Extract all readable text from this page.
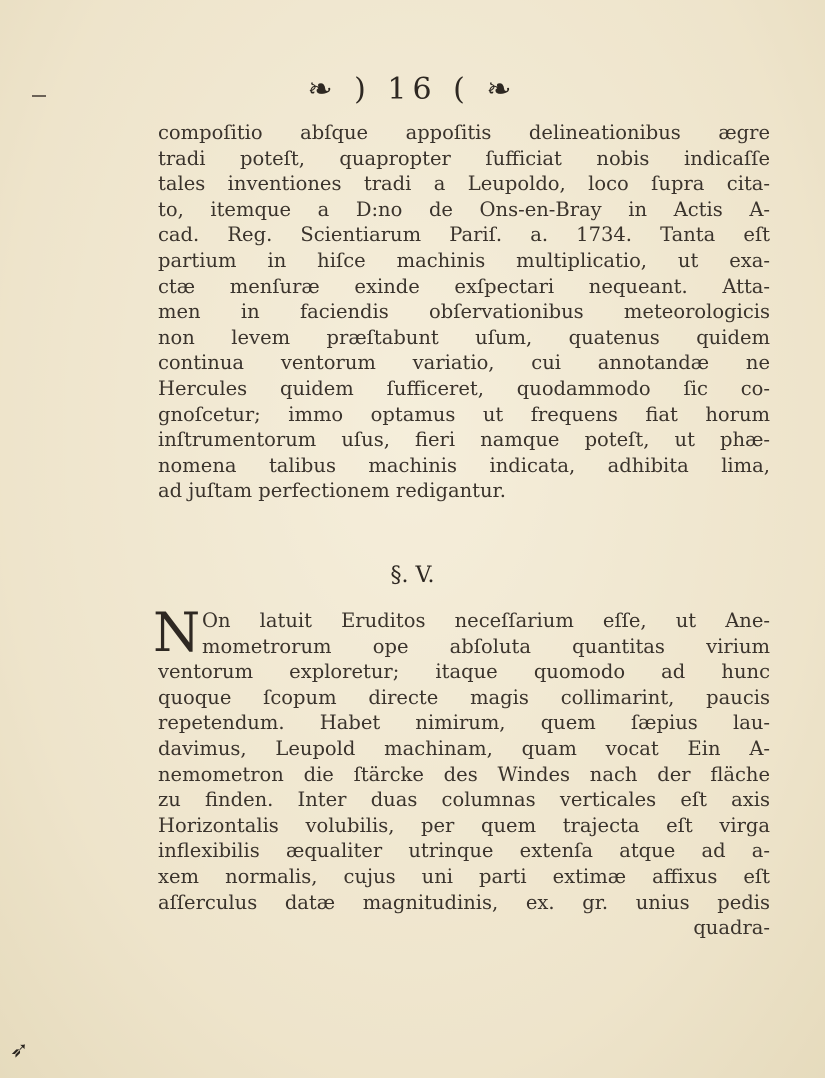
❧ ) 16 ( ❧
compoſitio abſque appoſitis delineationibus ægre
tradi poteſt, quapropter ſufficiat nobis indicaſſe
tales inventiones tradi a Leupoldo, loco ſupra cita-
to, itemque a D:no de Ons-en-Bray in Actis A-
cad. Reg. Scientiarum Pariſ. a. 1734. Tanta eſt
partium in hiſce machinis multiplicatio, ut exa-
ctæ menſuræ exinde exſpectari nequeant. Atta-
men in faciendis obſervationibus meteorologicis
non levem præſtabunt uſum, quatenus quidem
continua ventorum variatio, cui annotandæ ne
Hercules quidem ſufficeret, quodammodo ſic co-
gnoſcetur; immo optamus ut frequens fiat horum
inſtrumentorum uſus, fieri namque poteſt, ut phæ-
nomena talibus machinis indicata, adhibita lima,
ad juſtam perfectionem redigantur.
§. V.
N On latuit Eruditos neceſſarium eſſe, ut Ane-
mometrorum ope abſoluta quantitas virium
ventorum exploretur; itaque quomodo ad hunc
quoque ſcopum directe magis collimarint, paucis
repetendum. Habet nimirum, quem ſæpius lau-
davimus, Leupold machinam, quam vocat Ein A-
nemometron die ſtärcke des Windes nach der fläche
zu finden. Inter duas columnas verticales eſt axis
Horizontalis volubilis, per quem trajecta eſt virga
inflexibilis æqualiter utrinque extenſa atque ad a-
xem normalis, cujus uni parti extimæ affixus eſt
aſſerculus datæ magnitudinis, ex. gr. unius pedis
quadra-
➶
